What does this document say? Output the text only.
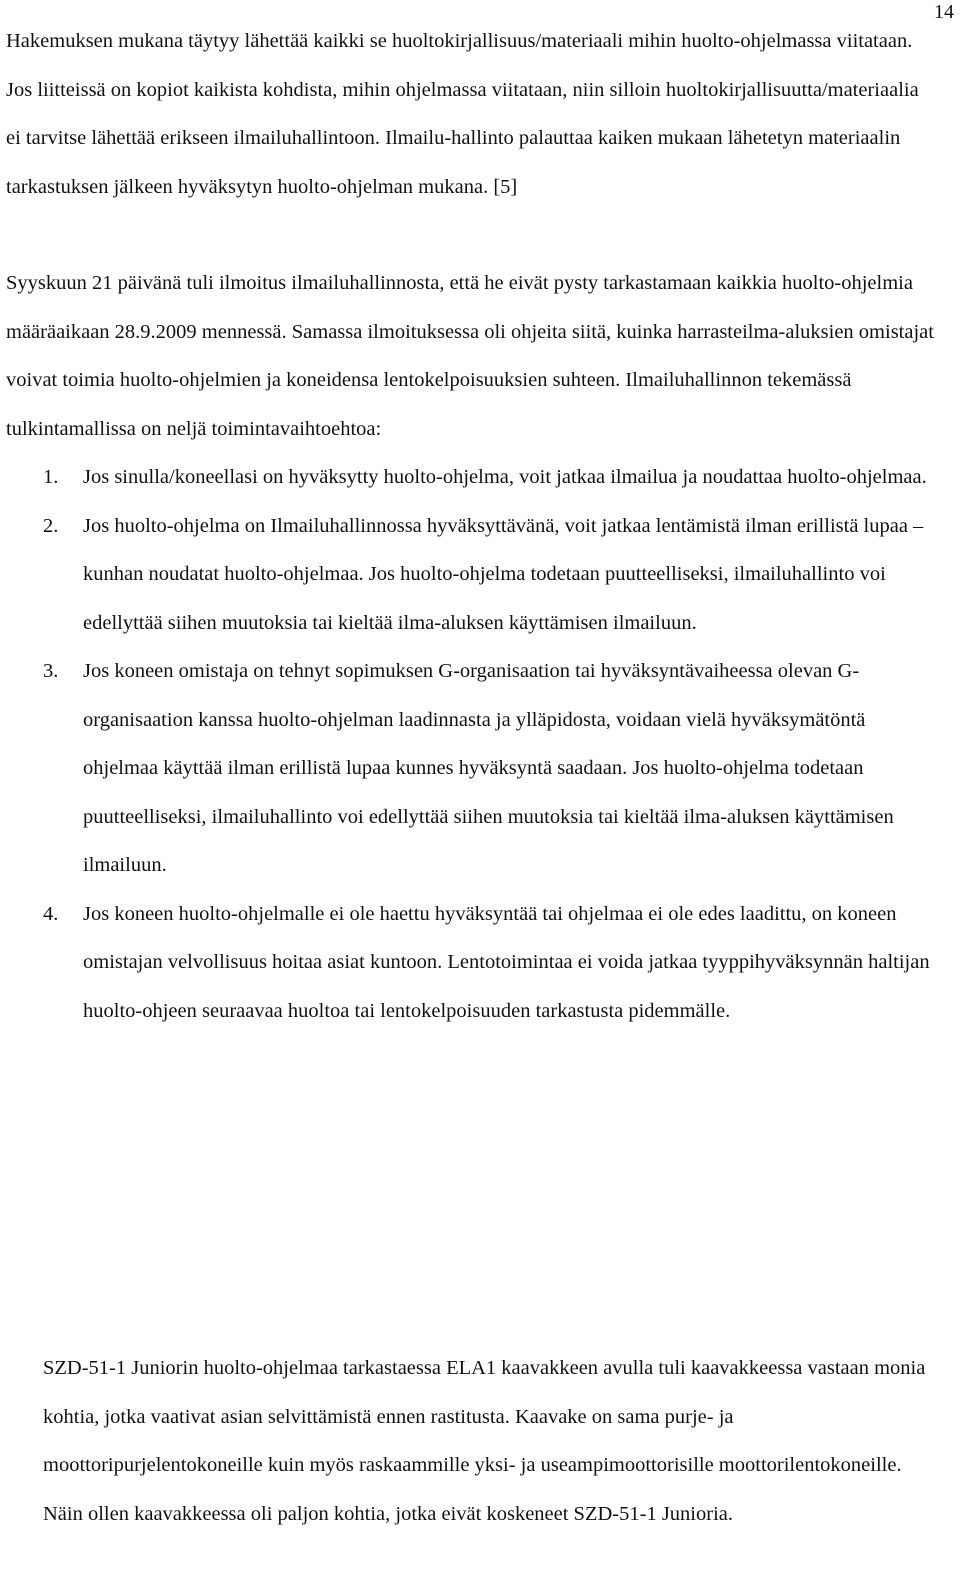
14

Hakemuksen mukana täytyy lähettää kaikki se huoltokirjallisuus/materiaali mihin huolto-ohjelmassa viitataan. Jos liitteissä on kopiot kaikista kohdista, mihin ohjelmassa viitataan, niin silloin huoltokirjallisuutta/materiaalia ei tarvitse lähettää erikseen ilmailuhallintoon. Ilmailu-hallinto palauttaa kaiken mukaan lähetetyn materiaalin tarkastuksen jälkeen hyväksytyn huolto-ohjelman mukana. [5]

Syyskuun 21 päivänä tuli ilmoitus ilmailuhallinnosta, että he eivät pysty tarkastamaan kaikkia huolto-ohjelmia määräaikaan 28.9.2009 mennessä. Samassa ilmoituksessa oli ohjeita siitä, kuinka harrasteilma-aluksien omistajat voivat toimia huolto-ohjelmien ja koneidensa lentokelpoisuuksien suhteen. Ilmailuhallinnon tekemässä tulkintamallissa on neljä toimintavaihtoehtoa:

1. Jos sinulla/koneellasi on hyväksytty huolto-ohjelma, voit jatkaa ilmailua ja noudattaa huolto-ohjelmaa.
2. Jos huolto-ohjelma on Ilmailuhallinnossa hyväksyttävänä, voit jatkaa lentämistä ilman erillistä lupaa – kunhan noudatat huolto-ohjelmaa. Jos huolto-ohjelma todetaan puutteelliseksi, ilmailuhallinto voi edellyttää siihen muutoksia tai kieltää ilma-aluksen käyttämisen ilmailuun.
3. Jos koneen omistaja on tehnyt sopimuksen G-organisaation tai hyväksyntävaiheessa olevan G-organisaation kanssa huolto-ohjelman laadinnasta ja ylläpidosta, voidaan vielä hyväksymätöntä ohjelmaa käyttää ilman erillistä lupaa kunnes hyväksyntä saadaan. Jos huolto-ohjelma todetaan puutteelliseksi, ilmailuhallinto voi edellyttää siihen muutoksia tai kieltää ilma-aluksen käyttämisen ilmailuun.
4. Jos koneen huolto-ohjelmalle ei ole haettu hyväksyntää tai ohjelmaa ei ole edes laadittu, on koneen omistajan velvollisuus hoitaa asiat kuntoon. Lentotoimintaa ei voida jatkaa tyyppihyväksynnän haltijan huolto-ohjeen seuraavaa huoltoa tai lentokelpoisuuden tarkastusta pidemmälle.

SZD-51-1 Juniorin huolto-ohjelmaa tarkastaessa ELA1 kaavakkeen avulla tuli kaavakkeessa vastaan monia kohtia, jotka vaativat asian selvittämistä ennen rastitusta. Kaavake on sama purje- ja moottoripurjelentokoneille kuin myös raskaammille yksi- ja useampimoottorisille moottorilentokoneille. Näin ollen kaavakkeessa oli paljon kohtia, jotka eivät koskeneet SZD-51-1 Junioria.
